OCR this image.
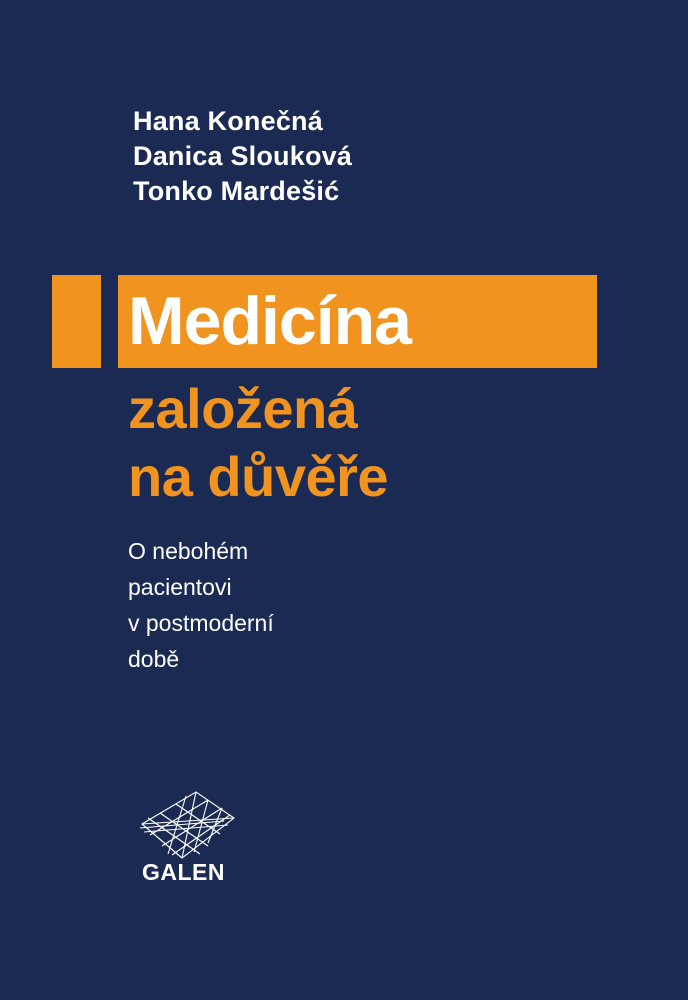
Hana Konečná
Danica Slouková
Tonko Mardešić
Medicína
založená
na důvěře
O nebohém
pacientovi
v postmoderní
době
GALEN
